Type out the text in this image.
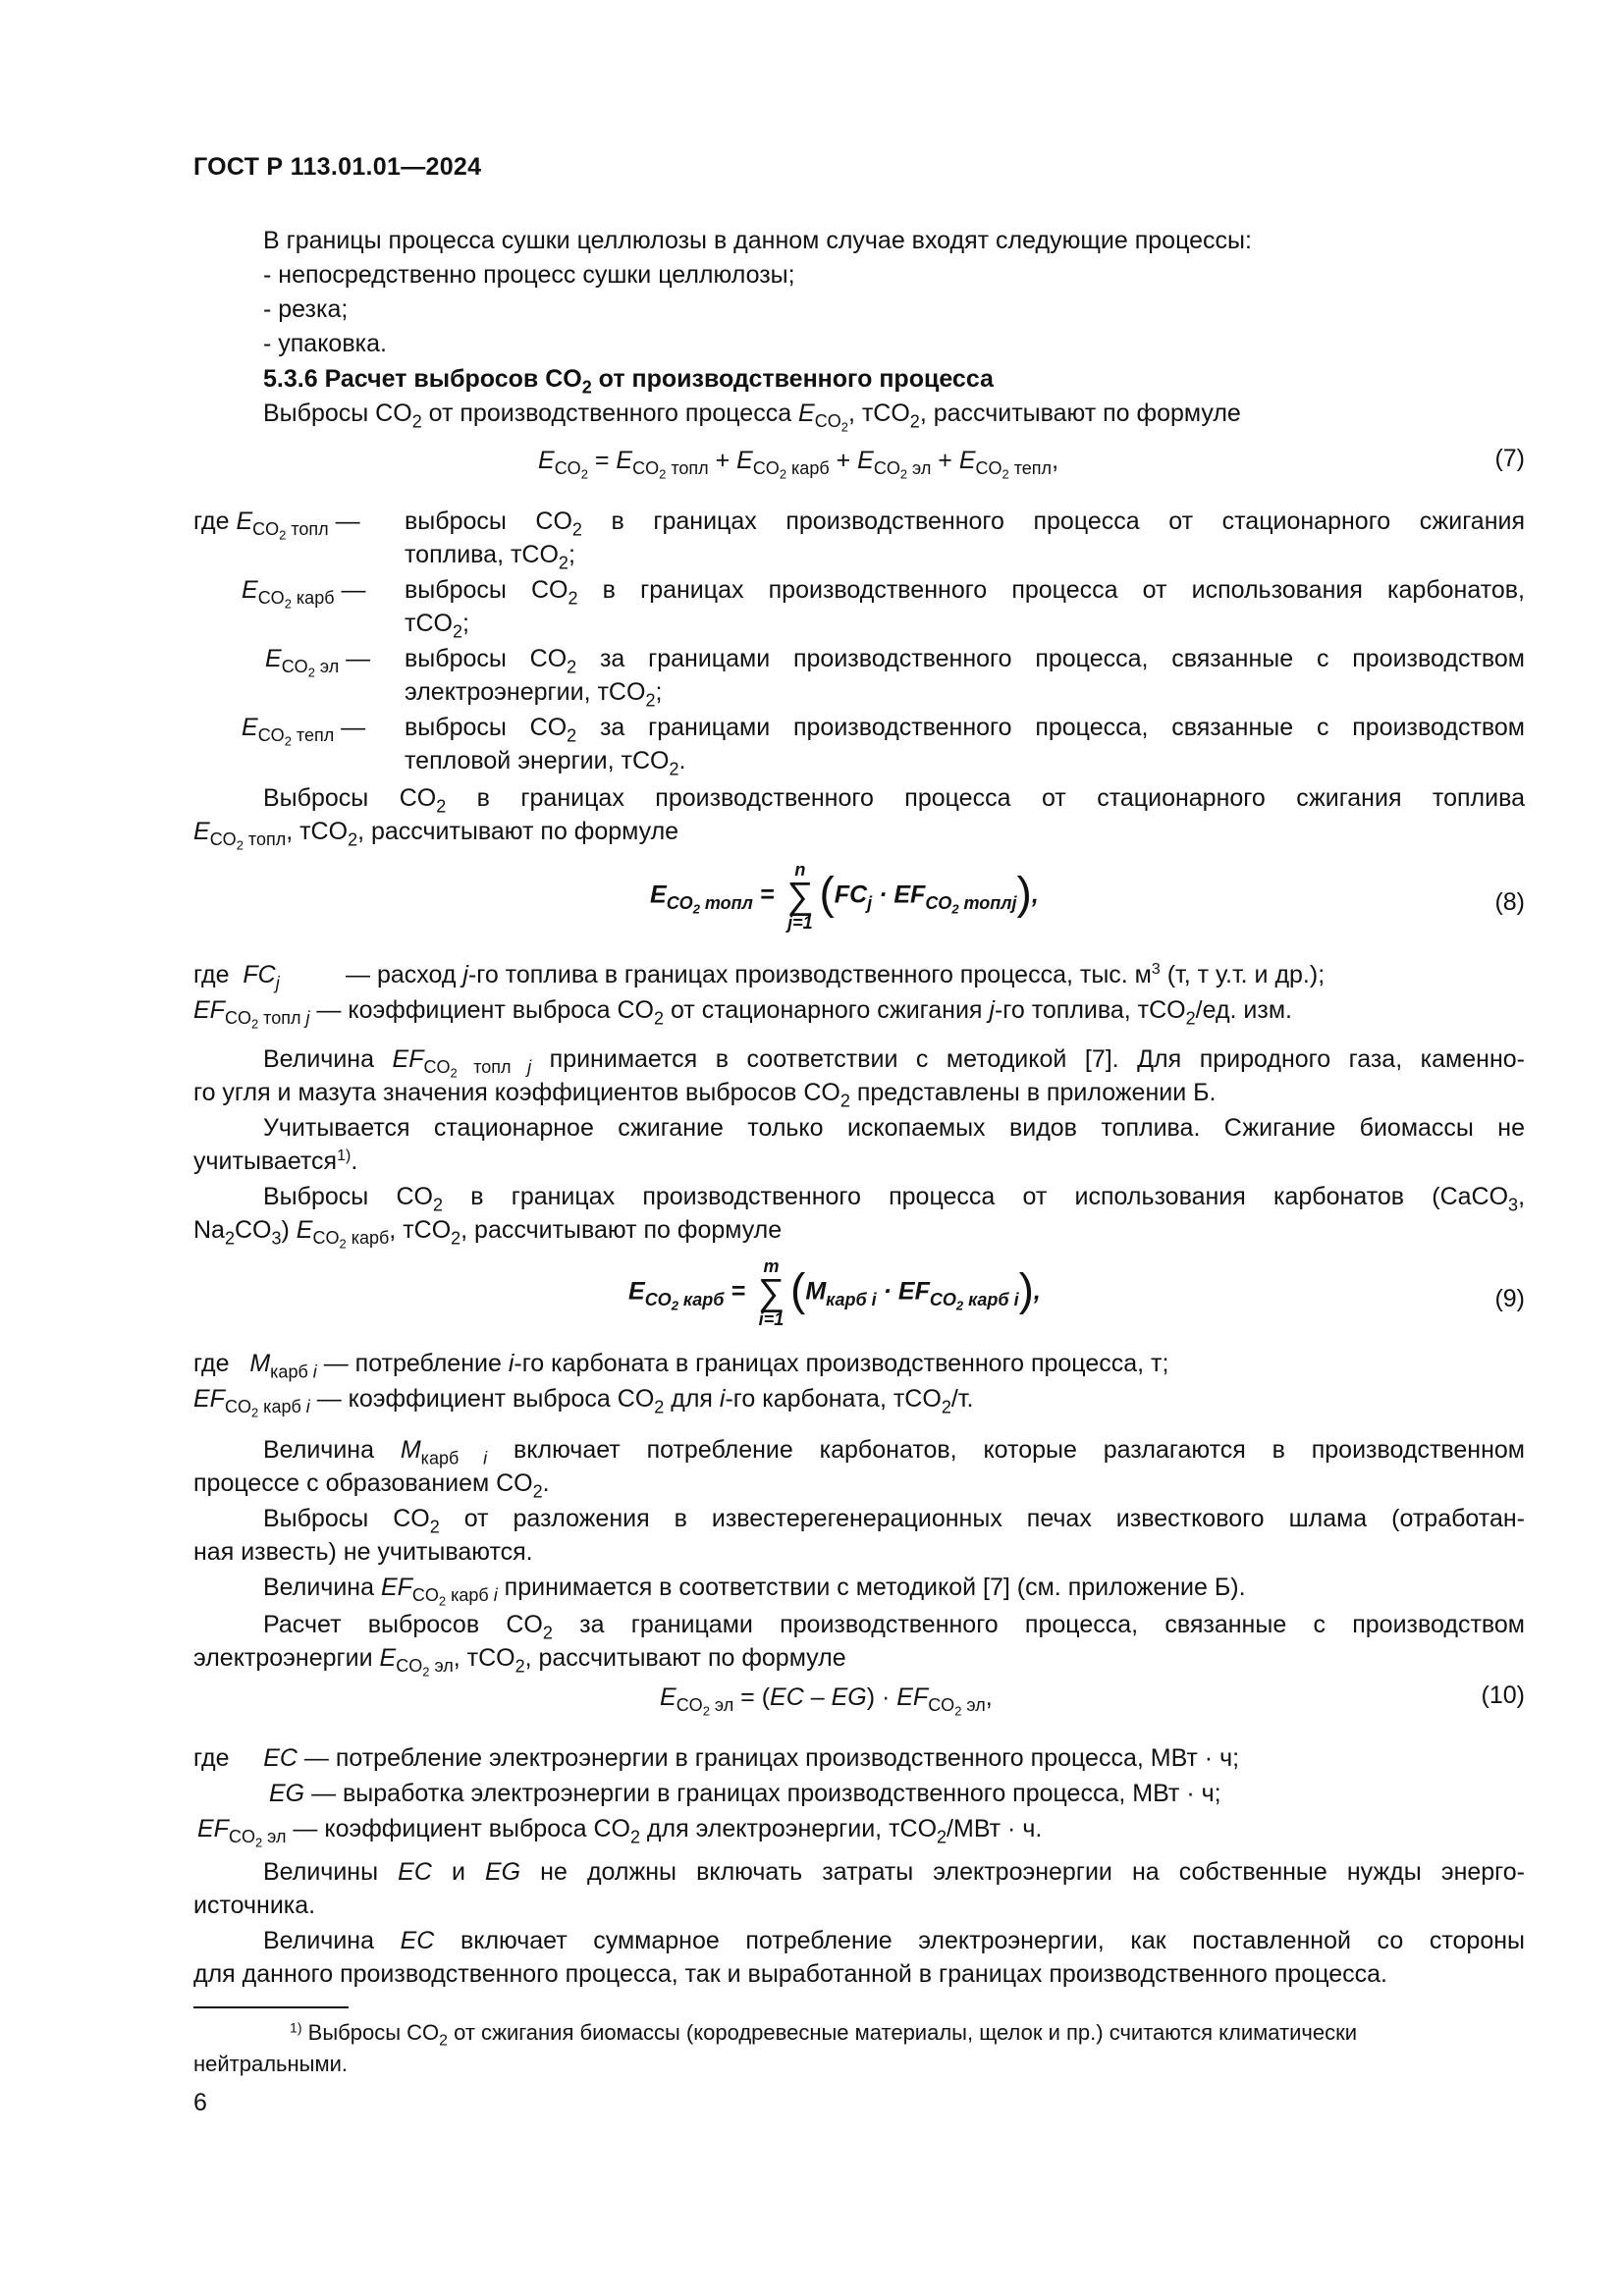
ГОСТ Р 113.01.01—2024
В границы процесса сушки целлюлозы в данном случае входят следующие процессы:
- непосредственно процесс сушки целлюлозы;
- резка;
- упаковка.
5.3.6 Расчет выбросов $CO_2$ от производственного процесса
Выбросы $CO_2$ от производственного процесса $E_{CO_2}$, тCO$_2$, рассчитывают по формуле
$E_{CO_2} = E_{CO_2 топл} + E_{CO_2 карб} + E_{CO_2 эл} + E_{CO_2 тепл}$,	(7)
где $E_{CO_2 топл}$ — выбросы $CO_2$ в границах производственного процесса от стационарного сжигания
топлива, тCO$_2$;
$E_{CO_2 карб}$ — выбросы $CO_2$ в границах производственного процесса от использования карбонатов,
тCO$_2$;
$E_{CO_2 эл}$ — выбросы $CO_2$ за границами производственного процесса, связанные с производством
электроэнергии, тCO$_2$;
$E_{CO_2 тепл}$ — выбросы $CO_2$ за границами производственного процесса, связанные с производством
тепловой энергии, тCO$_2$.
Выбросы $CO_2$ в границах производственного процесса от стационарного сжигания топлива
$E_{CO_2 топл}$, тCO$_2$, рассчитывают по формуле
$E_{CO_2 топл} = n$
∑
$j=1(FC_j \cdot EF_{CO_2 топлj})$,	(8)
где  $FC_j$	— расход j-го топлива в границах производственного процесса, тыс. $м^3$ (т, т у.т. и др.);
$EF_{CO_2 топл j}$ — коэффициент выброса $CO_2$ от стационарного сжигания j-го топлива, тCO$_2$/ед. изм.
Величина $EF_{CO_2 топл j}$ принимается в соответствии с методикой [7]. Для природного газа, каменно-
го угля и мазута значения коэффициентов выбросов $CO_2$ представлены в приложении Б.
Учитывается стационарное сжигание только ископаемых видов топлива. Сжигание биомассы не
учитывается$^{1)}$.
Выбросы $CO_2$ в границах производственного процесса от использования карбонатов (CaCO$_3$,
$Na_2CO_3$) $E_{CO_2 карб}$, тCO$_2$, рассчитывают по формуле
$E_{CO_2 карб} = m$
∑
$i=1(M_{карб i} \cdot EF_{CO_2 карб i})$,	(9)
где   $M_{карб i}$ — потребление i-го карбоната в границах производственного процесса, т;
$EF_{CO_2 карб i}$ — коэффициент выброса $CO_2$ для i-го карбоната, тCO$_2$/т.
Величина $M_{карб i}$ включает потребление карбонатов, которые разлагаются в производственном
процессе с образованием $CO_2$.
Выбросы $CO_2$ от разложения в известерегенерационных печах известкового шлама (отработан-
ная известь) не учитываются.
Величина $EF_{CO_2 карб i}$ принимается в соответствии с методикой [7] (см. приложение Б).
Расчет выбросов $CO_2$ за границами производственного процесса, связанные с производством
электроэнергии $E_{CO_2 эл}$, тCO$_2$, рассчитывают по формуле
$E_{CO_2 эл} = (EC - EG) \cdot EF_{CO_2 эл}$,	(10)
где     EC — потребление электроэнергии в границах производственного процесса, МВт · ч;
EG — выработка электроэнергии в границах производственного процесса, МВт · ч;
$EF_{CO_2 эл}$ — коэффициент выброса $CO_2$ для электроэнергии, тCO$_2$/МВт · ч.
Величины EC и EG не должны включать затраты электроэнергии на собственные нужды энерго-
источника.
Величина EC включает суммарное потребление электроэнергии, как поставленной со стороны
для данного производственного процесса, так и выработанной в границах производственного процесса.
$^{1)}$ Выбросы $CO_2$ от сжигания биомассы (кородревесные материалы, щелок и пр.) считаются климатически
нейтральными.
6
